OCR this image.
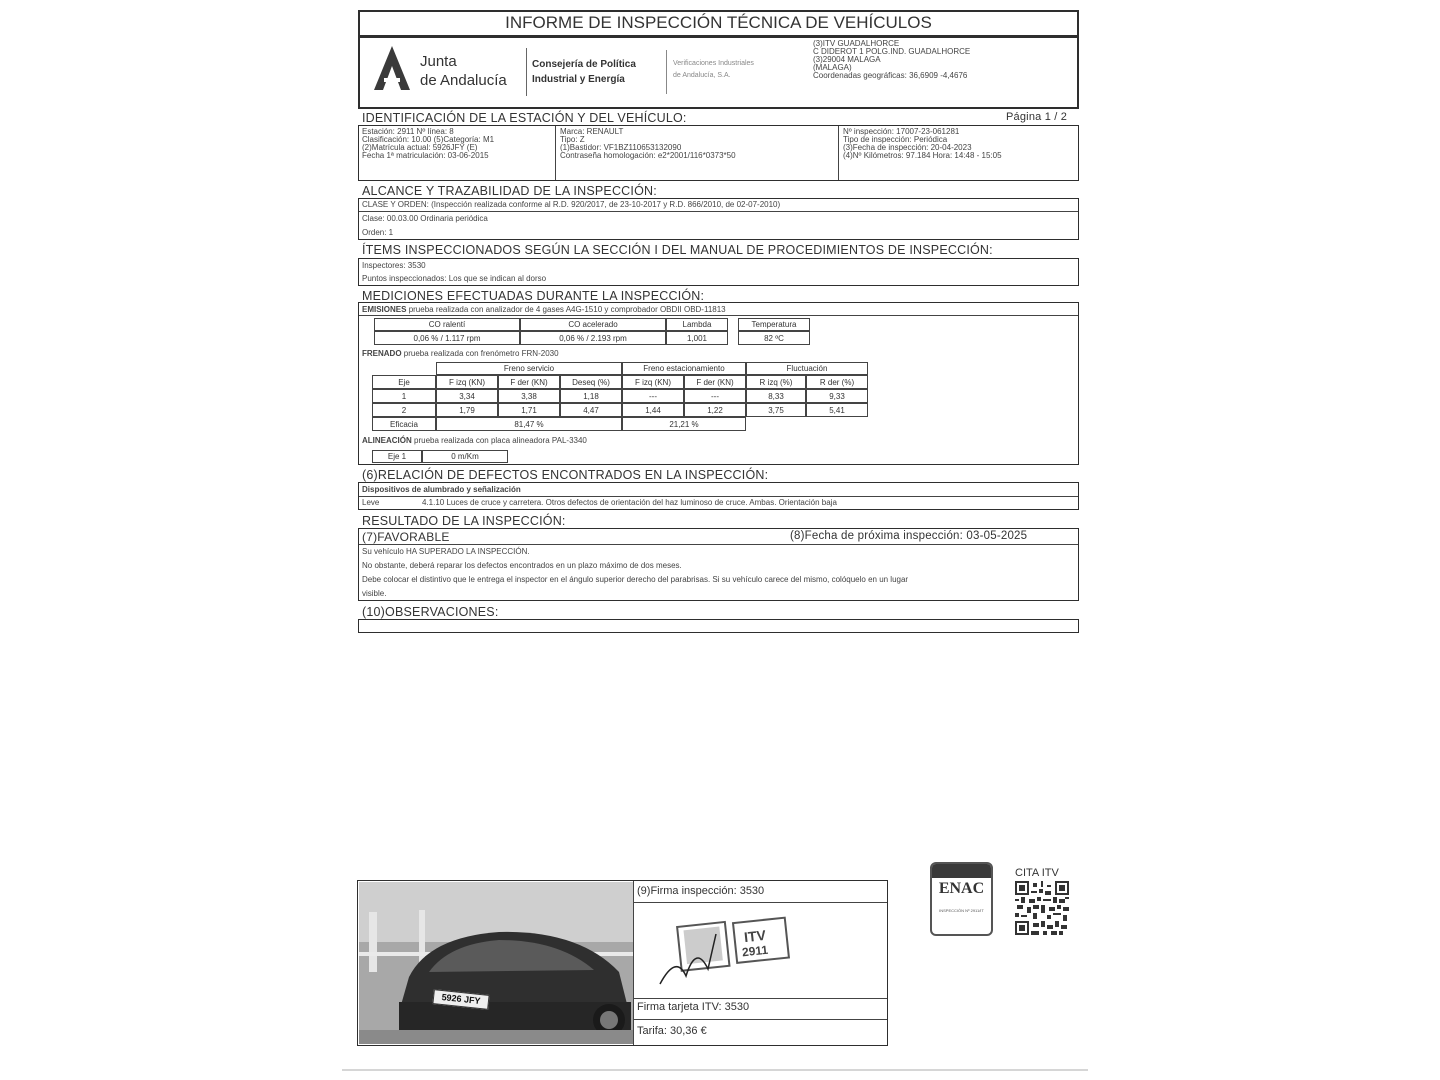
INFORME DE INSPECCIÓN TÉCNICA DE VEHÍCULOS
Junta
de Andalucía
Consejería de Política
Industrial y Energía
Verificaciones Industriales
de Andalucía, S.A.
(3)ITV GUADALHORCE
C DIDEROT 1 POLG.IND. GUADALHORCE
(3)29004 MALAGA
(MALAGA)
Coordenadas geográficas: 36,6909 -4,4676
IDENTIFICACIÓN DE LA ESTACIÓN Y DEL VEHÍCULO:	Página 1 / 2
Estación: 2911 Nº línea: 8
Clasificación: 10.00 (5)Categoría: M1
(2)Matrícula actual: 5926JFY (E)
Fecha 1ª matriculación: 03-06-2015
Marca: RENAULT
Tipo: Z
(1)Bastidor: VF1BZ110653132090
Contraseña homologación: e2*2001/116*0373*50
Nº inspección: 17007-23-061281
Tipo de inspección: Periódica
(3)Fecha de inspección: 20-04-2023
(4)Nº Kilómetros: 97.184 Hora: 14:48 - 15:05
ALCANCE Y TRAZABILIDAD DE LA INSPECCIÓN:
CLASE Y ORDEN: (Inspección realizada conforme al R.D. 920/2017, de 23-10-2017 y R.D. 866/2010, de 02-07-2010)
Clase: 00.03.00 Ordinaria periódica
Orden: 1
ÍTEMS INSPECCIONADOS SEGÚN LA SECCIÓN I DEL MANUAL DE PROCEDIMIENTOS DE INSPECCIÓN:
Inspectores: 3530
Puntos inspeccionados: Los que se indican al dorso
MEDICIONES EFECTUADAS DURANTE LA INSPECCIÓN:
EMISIONES prueba realizada con analizador de 4 gases A4G-1510 y comprobador OBDII OBD-11813
CO ralentí	CO acelerado	Lambda	Temperatura
0,06 % / 1.117 rpm	0,06 % / 2.193 rpm	1,001	82 ºC
FRENADO prueba realizada con frenómetro FRN-2030
Freno servicio	Freno estacionamiento	Fluctuación
Eje	F izq (KN)	F der (KN)	Deseq (%)	F izq (KN)	F der (KN)	R izq (%)	R der (%)
1	3,34	3,38	1,18	---	---	8,33	9,33
2	1,79	1,71	4,47	1,44	1,22	3,75	5,41
Eficacia	81,47 %	21,21 %
ALINEACIÓN prueba realizada con placa alineadora PAL-3340
Eje 1	0 m/Km
(6)RELACIÓN DE DEFECTOS ENCONTRADOS EN LA INSPECCIÓN:
Dispositivos de alumbrado y señalización
Leve	4.1.10 Luces de cruce y carretera. Otros defectos de orientación del haz luminoso de cruce. Ambas. Orientación baja
RESULTADO DE LA INSPECCIÓN:
(7)FAVORABLE	(8)Fecha de próxima inspección: 03-05-2025
Su vehículo HA SUPERADO LA INSPECCIÓN.
No obstante, deberá reparar los defectos encontrados en un plazo máximo de dos meses.
Debe colocar el distintivo que le entrega el inspector en el ángulo superior derecho del parabrisas. Si su vehículo carece del mismo, colóquelo en un lugar
visible.
(10)OBSERVACIONES:
5926 JFY
(9)Firma inspección: 3530
ITV
2911
Firma tarjeta ITV: 3530
Tarifa: 30,36 €
ENAC
INSPECCIÓN Nº 2911/IT
CITA ITV
